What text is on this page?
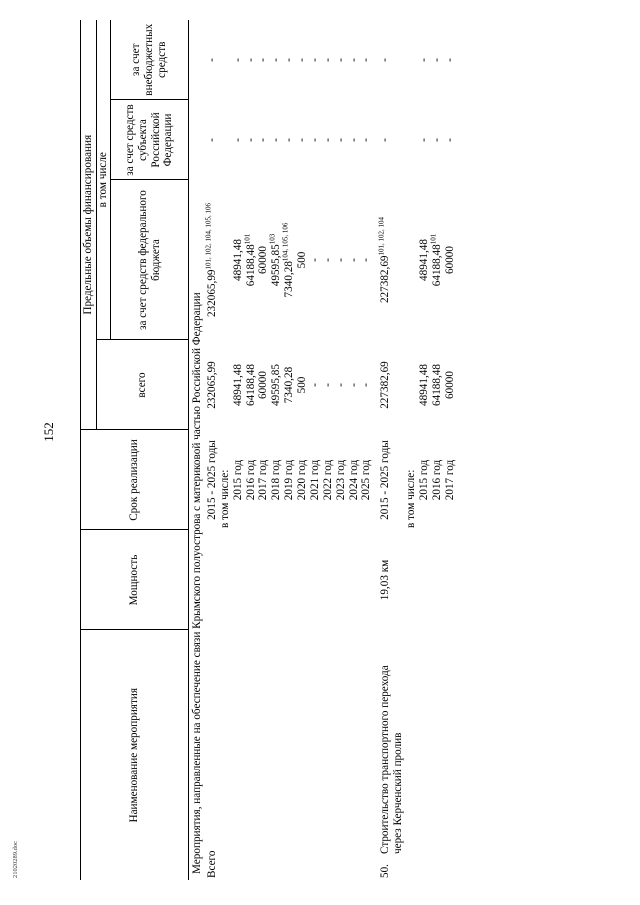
152
Наименование мероприятия	Мощность	Срок реализации	Предельные объемы финансирования			
			всего	в том числе		
				за счет средств федерального бюджета	за счет средств субъекта Российской Федерации	за счет внебюджетных средств
Мероприятия, направленные на обеспечение связи Крымского полуострова с материковой частью Российской Федерации						
Всего		2015 - 2025 годы	232065,99	232065,99$^{101, 102, 104, 105, 106}$	-	-
		в том числе:				
		2015 год	48941,48	48941,48	-	-
		2016 год	64188,48	64188,48$^{101}$	-	-
		2017 год	60000	60000	-	-
		2018 год	49595,85	49595,85$^{103}$	-	-
		2019 год	7340,28	7340,28$^{104, 105, 106}$	-	-
		2020 год	500	500	-	-
		2021 год	-	-	-	-
		2022 год	-	-	-	-
		2023 год	-	-	-	-
		2024 год	-	-	-	-
		2025 год	-	-	-	-

50.Строительство транспортного перехода через Керченский пролив	19,03 км	2015 - 2025 годы	227382,69	227382,69$^{101, 102, 104}$	-	-
		в том числе:				
		2015 год	48941,48	48941,48	-	-
		2016 год	64188,48	64188,48$^{101}$	-	-
		2017 год	60000	60000	-	-
21020289.doc
